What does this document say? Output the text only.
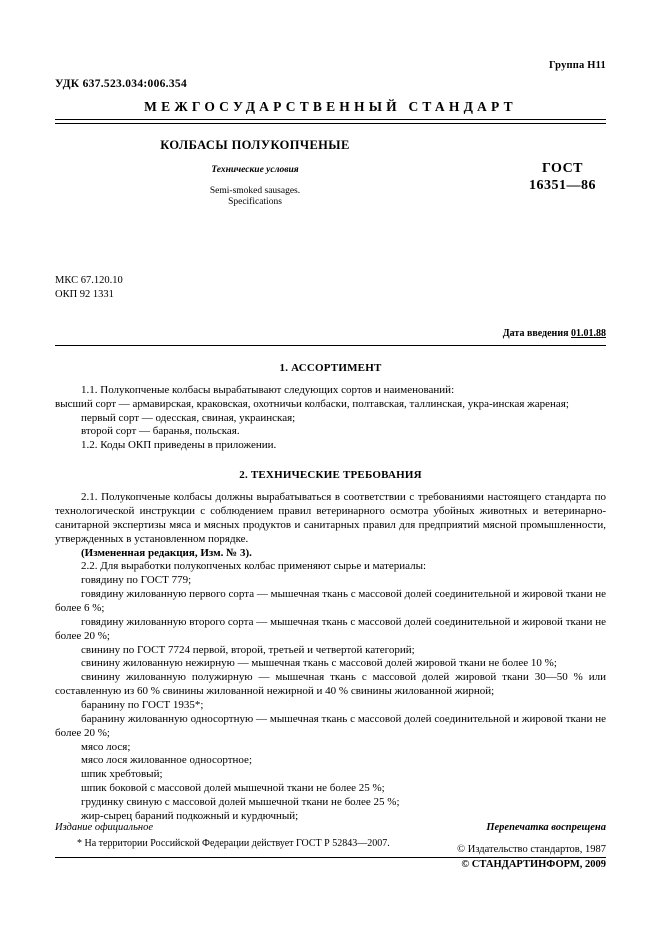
Группа Н11
УДК 637.523.034:006.354
МЕЖГОСУДАРСТВЕННЫЙ СТАНДАРТ
КОЛБАСЫ ПОЛУКОПЧЕНЫЕ
Технические условия
Semi-smoked sausages.
Specifications
ГОСТ
16351—86
МКС 67.120.10
ОКП 92 1331
Дата введения 01.01.88
1. АССОРТИМЕНТ

1.1. Полукопченые колбасы вырабатывают следующих сортов и наименований:

высший сорт — армавирская, краковская, охотничьи колбаски, полтавская, таллинская, укра-инская жареная;

первый сорт — одесская, свиная, украинская;

второй сорт — баранья, польская.

1.2. Коды ОКП приведены в приложении.

2. ТЕХНИЧЕСКИЕ ТРЕБОВАНИЯ

2.1. Полукопченые колбасы должны вырабатываться в соответствии с требованиями настоящего стандарта по технологической инструкции с соблюдением правил ветеринарного осмотра убойных животных и ветеринарно-санитарной экспертизы мяса и мясных продуктов и санитарных правил для предприятий мясной промышленности, утвержденных в установленном порядке.

(Измененная редакция, Изм. № 3).

2.2. Для выработки полукопченых колбас применяют сырье и материалы:

говядину по ГОСТ 779;

говядину жилованную первого сорта — мышечная ткань с массовой долей соединительной и жировой ткани не более 6 %;

говядину жилованную второго сорта — мышечная ткань с массовой долей соединительной и жировой ткани не более 20 %;

свинину по ГОСТ 7724 первой, второй, третьей и четвертой категорий;

свинину жилованную нежирную — мышечная ткань с массовой долей жировой ткани не более 10 %;

свинину жилованную полужирную — мышечная ткань с массовой долей жировой ткани 30—50 % или составленную из 60 % свинины жилованной нежирной и 40 % свинины жилованной жирной;

баранину по ГОСТ 1935*;

баранину жилованную односортную — мышечная ткань с массовой долей соединительной и жировой ткани не более 20 %;

мясо лося;

мясо лося жилованное односортное;

шпик хребтовый;

шпик боковой с массовой долей мышечной ткани не более 25 %;

грудинку свиную с массовой долей мышечной ткани не более 25 %;

жир-сырец бараний подкожный и курдючный;

* На территории Российской Федерации действует ГОСТ Р 52843—2007.
Издание официальное	Перепечатка воспрещена
© Издательство стандартов, 1987
© СТАНДАРТИНФОРМ, 2009
